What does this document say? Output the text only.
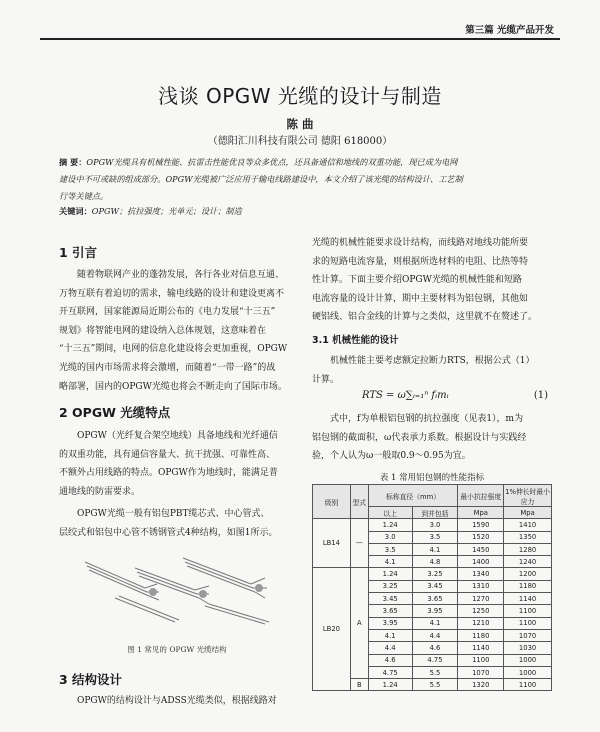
第三篇 光缆产品开发
浅谈 OPGW 光缆的设计与制造
陈 曲
（德阳汇川科技有限公司 德阳 618000）
摘 要：OPGW光缆具有机械性能、抗雷击性能优良等众多优点，还具备通信和地线的双重功能，现已成为电网
建设中不可或缺的组成部分。OPGW光缆被广泛应用于输电线路建设中，本文介绍了该光缆的结构设计、工艺制
行等关键点。
关键词：OPGW；抗拉强度；光单元；设计；制造
1 引言
随着物联网产业的蓬勃发展，各行各业对信息互通、
万物互联有着迫切的需求，输电线路的设计和建设更离不
开互联网，国家能源局近期公布的《电力发展“十三五”
规划》将智能电网的建设纳入总体规划，这意味着在
“十三五”期间，电网的信息化建设将会更加重视，OPGW
光缆的国内市场需求将会激增，而随着“一带一路”的战
略部署，国内的OPGW光缆也将会不断走向了国际市场。
2 OPGW 光缆特点
OPGW（光纤复合架空地线）具备地线和光纤通信
的双重功能，具有通信容量大、抗干扰强、可靠性高、
不额外占用线路的特点。OPGW作为地线时，能满足普
通地线的防雷要求。
OPGW光缆一般有铝包PBT缆芯式、中心管式、
层绞式和铝包中心管不锈钢管式4种结构，如图1所示。
图 1 常见的 OPGW 光缆结构
3 结构设计
OPGW的结构设计与ADSS光缆类似，根据线路对
光缆的机械性能要求设计结构，而线路对地线功能所要
求的短路电流容量，则根据所选材料的电阻、比热等特
性计算。下面主要介绍OPGW光缆的机械性能和短路
电流容量的设计计算，期中主要材料为铝包钢，其他如
硬铝线、铝合金线的计算与之类似，这里就不在赘述了。
3.1 机械性能的设计
机械性能主要考虑额定拉断力RTS，根据公式（1）
计算。
RTS = ω∑ᵢ₌₁ⁿ fᵢmᵢ	(1)
式中，f为单根铝包钢的抗拉强度（见表1），m为
铝包钢的截面积，ω代表承力系数。根据设计与实践经
验，个人认为ω一般取0.9～0.95为宜。
表 1 常用铝包钢的性能指标
级别	型式	标称直径（mm）		最小抗拉强度	1%伸长时最小应力
		以上	到并包括	Mpa	Mpa
LB14	—	1.24	3.0	1590	1410
		3.0	3.5	1520	1350
		3.5	4.1	1450	1280
		4.1	4.8	1400	1240
LB20	A	1.24	3.25	1340	1200
		3.25	3.45	1310	1180
		3.45	3.65	1270	1140
		3.65	3.95	1250	1100
		3.95	4.1	1210	1100
		4.1	4.4	1180	1070
		4.4	4.6	1140	1030
		4.6	4.75	1100	1000
		4.75	5.5	1070	1000
	B	1.24	5.5	1320	1100
